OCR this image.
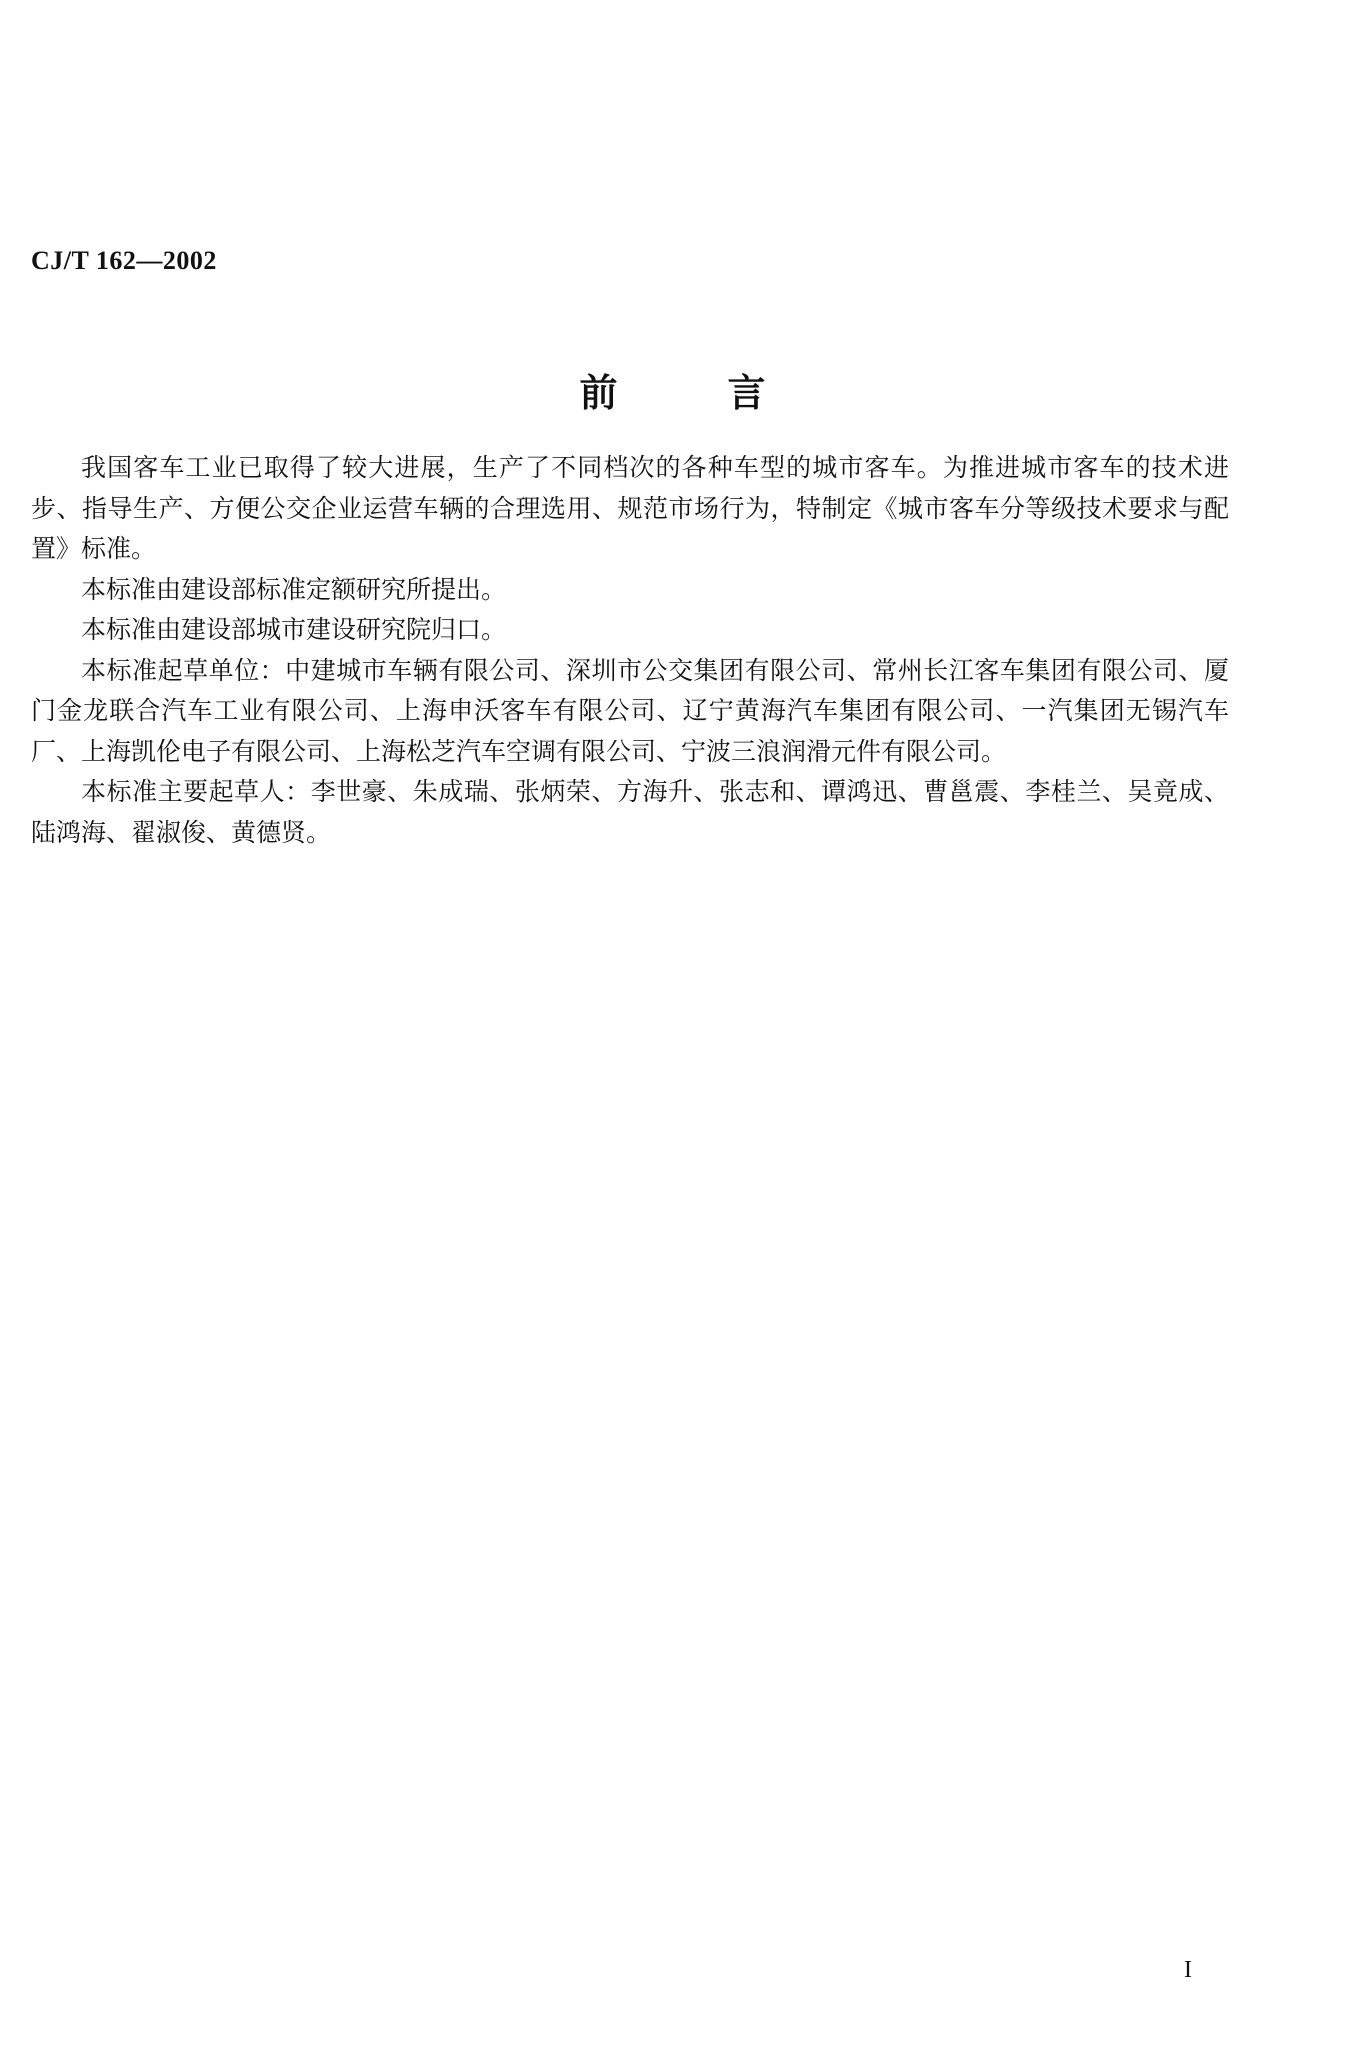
CJ/T 162—2002
前言

我国客车工业已取得了较大进展，生产了不同档次的各种车型的城市客车。为推进城市客车的技术进步、指导生产、方便公交企业运营车辆的合理选用、规范市场行为，特制定《城市客车分等级技术要求与配置》标准。

本标准由建设部标准定额研究所提出。

本标准由建设部城市建设研究院归口。

本标准起草单位：中建城市车辆有限公司、深圳市公交集团有限公司、常州长江客车集团有限公司、厦门金龙联合汽车工业有限公司、上海申沃客车有限公司、辽宁黄海汽车集团有限公司、一汽集团无锡汽车厂、上海凯伦电子有限公司、上海松芝汽车空调有限公司、宁波三浪润滑元件有限公司。

本标准主要起草人：李世豪、朱成瑞、张炳荣、方海升、张志和、谭鸿迅、曹邕震、李桂兰、吴竟成、陆鸿海、翟淑俊、黄德贤。

I
